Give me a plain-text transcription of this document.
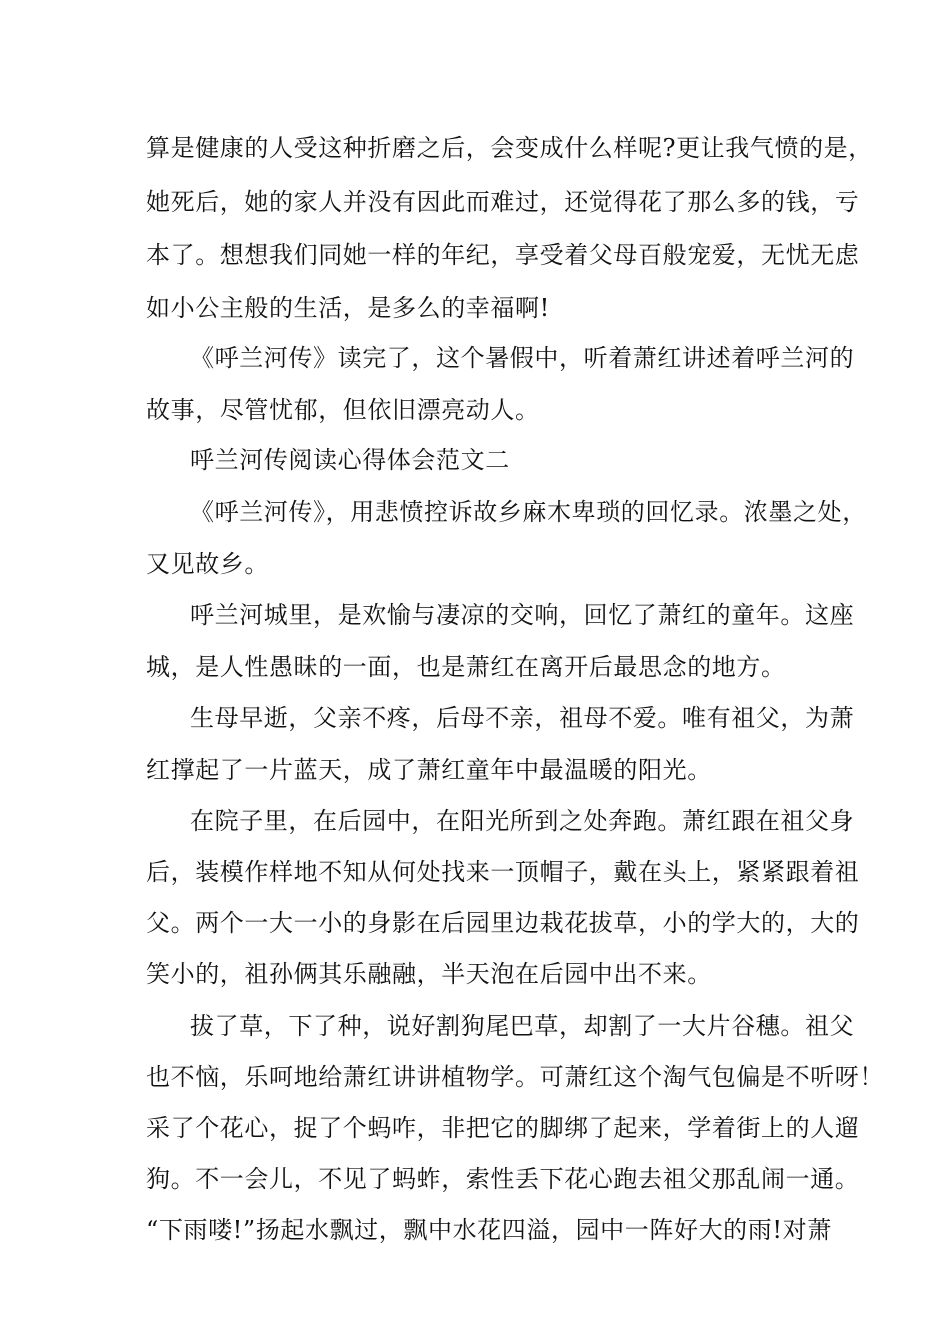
算是健康的人受这种折磨之后，会变成什么样呢?更让我气愤的是，
她死后，她的家人并没有因此而难过，还觉得花了那么多的钱，亏
本了。想想我们同她一样的年纪，享受着父母百般宠爱，无忧无虑
如小公主般的生活，是多么的幸福啊!
《呼兰河传》读完了，这个暑假中，听着萧红讲述着呼兰河的
故事，尽管忧郁，但依旧漂亮动人。
呼兰河传阅读心得体会范文二
《呼兰河传》，用悲愤控诉故乡麻木卑琐的回忆录。浓墨之处，
又见故乡。
呼兰河城里，是欢愉与凄凉的交响，回忆了萧红的童年。这座
城，是人性愚昧的一面，也是萧红在离开后最思念的地方。
生母早逝，父亲不疼，后母不亲，祖母不爱。唯有祖父，为萧
红撑起了一片蓝天，成了萧红童年中最温暖的阳光。
在院子里，在后园中，在阳光所到之处奔跑。萧红跟在祖父身
后，装模作样地不知从何处找来一顶帽子，戴在头上，紧紧跟着祖
父。两个一大一小的身影在后园里边栽花拔草，小的学大的，大的
笑小的，祖孙俩其乐融融，半天泡在后园中出不来。
拔了草，下了种，说好割狗尾巴草，却割了一大片谷穗。祖父
也不恼，乐呵地给萧红讲讲植物学。可萧红这个淘气包偏是不听呀！
采了个花心，捉了个蚂咋，非把它的脚绑了起来，学着街上的人遛
狗。不一会儿，不见了蚂蚱，索性丢下花心跑去祖父那乱闹一通。
“下雨喽!”扬起水飘过，飘中水花四溢，园中一阵好大的雨!对萧
